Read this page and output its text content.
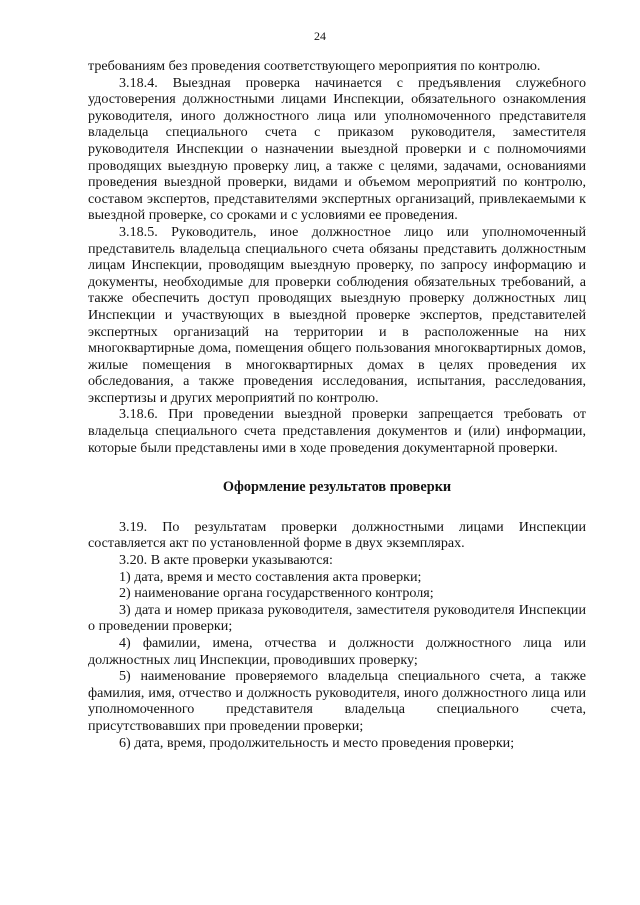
24

требованиям без проведения соответствующего мероприятия по контролю.

3.18.4. Выездная проверка начинается с предъявления служебного удостоверения должностными лицами Инспекции, обязательного ознакомления руководителя, иного должностного лица или уполномоченного представителя владельца специального счета с приказом руководителя, заместителя руководителя Инспекции о назначении выездной проверки и с полномочиями проводящих выездную проверку лиц, а также с целями, задачами, основаниями проведения выездной проверки, видами и объемом мероприятий по контролю, составом экспертов, представителями экспертных организаций, привлекаемыми к выездной проверке, со сроками и с условиями ее проведения.

3.18.5. Руководитель, иное должностное лицо или уполномоченный представитель владельца специального счета обязаны представить должностным лицам Инспекции, проводящим выездную проверку, по запросу информацию и документы, необходимые для проверки соблюдения обязательных требований, а также обеспечить доступ проводящих выездную проверку должностных лиц Инспекции и участвующих в выездной проверке экспертов, представителей экспертных организаций на территории и в расположенные на них многоквартирные дома, помещения общего пользования многоквартирных домов, жилые помещения в многоквартирных домах в целях проведения их обследования, а также проведения исследования, испытания, расследования, экспертизы и других мероприятий по контролю.

3.18.6. При проведении выездной проверки запрещается требовать от владельца специального счета представления документов и (или) информации, которые были представлены ими в ходе проведения документарной проверки.

Оформление результатов проверки

3.19. По результатам проверки должностными лицами Инспекции составляется акт по установленной форме в двух экземплярах.

3.20. В акте проверки указываются:

1) дата, время и место составления акта проверки;

2) наименование органа государственного контроля;

3) дата и номер приказа руководителя, заместителя руководителя Инспекции о проведении проверки;

4) фамилии, имена, отчества и должности должностного лица или должностных лиц Инспекции, проводивших проверку;

5) наименование проверяемого владельца специального счета, а также фамилия, имя, отчество и должность руководителя, иного должностного лица или уполномоченного представителя владельца специального счета, присутствовавших при проведении проверки;

6) дата, время, продолжительность и место проведения проверки;
